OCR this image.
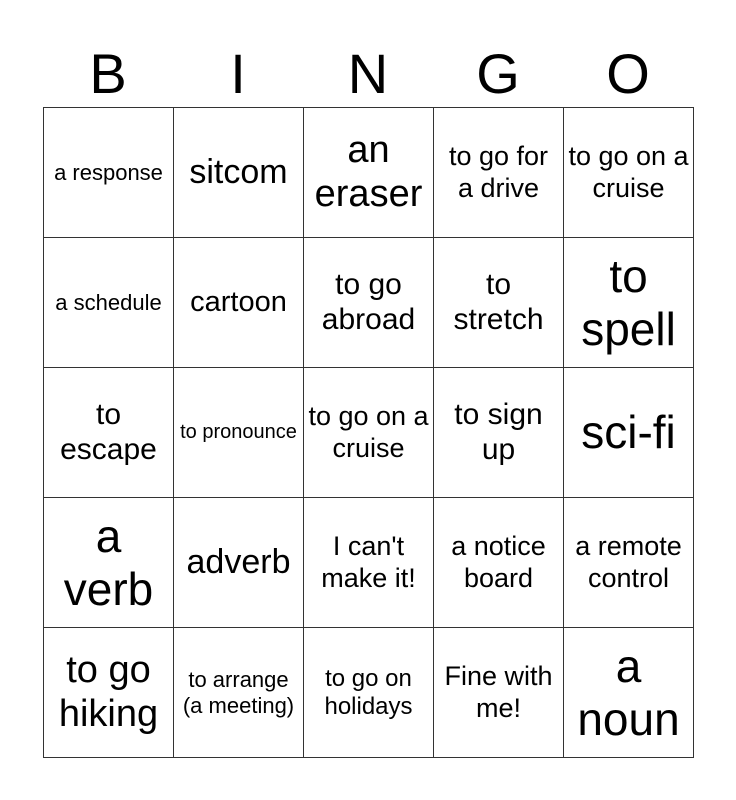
B	I	N	G	O
a response	sitcom	an eraser	to go for a drive	to go on a cruise
a schedule	cartoon	to go abroad	to stretch	to spell
to escape	to pronounce	to go on a cruise	to sign up	sci-fi
a verb	adverb	I can't make it!	a notice board	a remote control
to go hiking	to arrange (a meeting)	to go on holidays	Fine with me!	a noun
